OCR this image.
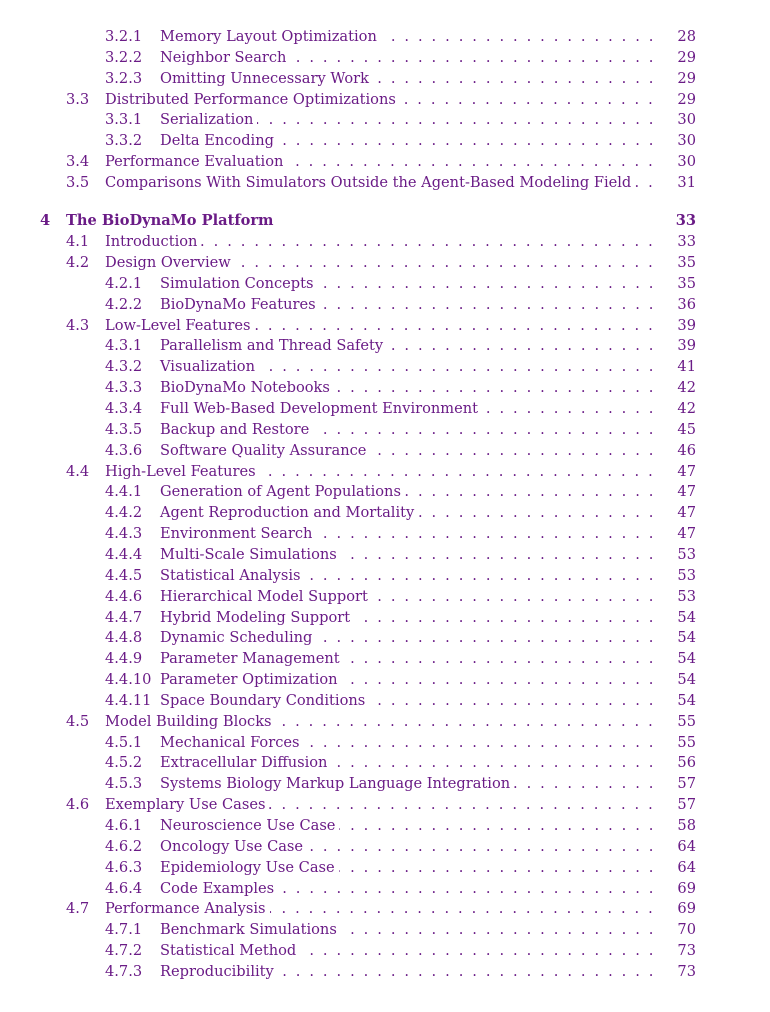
3.2.1 . . . Memory Layout Optimization	28
3.2.2 . . . Neighbor Search	29
3.2.3 . . . Omitting Unnecessary Work	29
3.3 . . . Distributed Performance Optimizations	29
3.3.1 . . . Serialization	30
3.3.2 . . . Delta Encoding	30
3.4 . . . Performance Evaluation	30
3.5 . . . Comparisons With Simulators Outside the Agent-Based Modeling Field	31
4 The BioDynaMo Platform	33
4.1 . . . Introduction	33
4.2 . . . Design Overview	35
4.2.1 . . . Simulation Concepts	35
4.2.2 . . . BioDynaMo Features	36
4.3 . . . Low-Level Features	39
4.3.1 . . . Parallelism and Thread Safety	39
4.3.2 . . . Visualization	41
4.3.3 . . . BioDynaMo Notebooks	42
4.3.4 . . . Full Web-Based Development Environment	42
4.3.5 . . . Backup and Restore	45
4.3.6 . . . Software Quality Assurance	46
4.4 . . . High-Level Features	47
4.4.1 . . . Generation of Agent Populations	47
4.4.2 . . . Agent Reproduction and Mortality	47
4.4.3 . . . Environment Search	47
4.4.4 . . . Multi-Scale Simulations	53
4.4.5 . . . Statistical Analysis	53
4.4.6 . . . Hierarchical Model Support	53
4.4.7 . . . Hybrid Modeling Support	54
4.4.8 . . . Dynamic Scheduling	54
4.4.9 . . . Parameter Management	54
4.4.10 . . . Parameter Optimization	54
4.4.11 . . . Space Boundary Conditions	54
4.5 . . . Model Building Blocks	55
4.5.1 . . . Mechanical Forces	55
4.5.2 . . . Extracellular Diffusion	56
4.5.3 . . . Systems Biology Markup Language Integration	57
4.6 . . . Exemplary Use Cases	57
4.6.1 . . . Neuroscience Use Case	58
4.6.2 . . . Oncology Use Case	64
4.6.3 . . . Epidemiology Use Case	64
4.6.4 . . . Code Examples	69
4.7 . . . Performance Analysis	69
4.7.1 . . . Benchmark Simulations	70
4.7.2 . . . Statistical Method	73
4.7.3 . . . Reproducibility	73
